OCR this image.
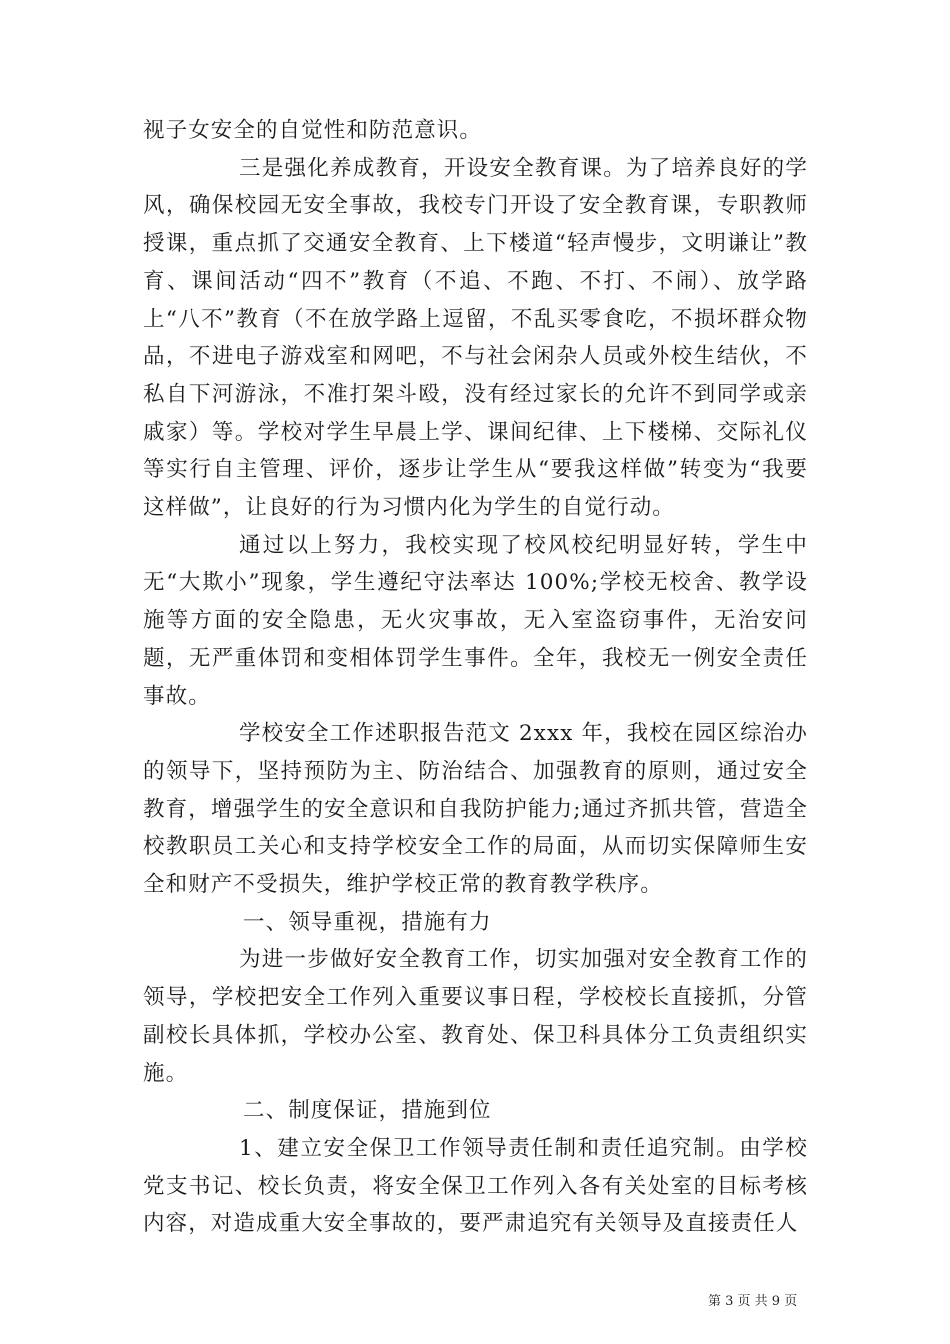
视子女安全的自觉性和防范意识。

三是强化养成教育，开设安全教育课。为了培养良好的学风，确保校园无安全事故，我校专门开设了安全教育课，专职教师授课，重点抓了交通安全教育、上下楼道“轻声慢步，文明谦让”教育、课间活动“四不”教育（不追、不跑、不打、不闹）、放学路上“八不”教育（不在放学路上逗留，不乱买零食吃，不损坏群众物品，不进电子游戏室和网吧，不与社会闲杂人员或外校生结伙，不私自下河游泳，不准打架斗殴，没有经过家长的允许不到同学或亲戚家）等。学校对学生早晨上学、课间纪律、上下楼梯、交际礼仪等实行自主管理、评价，逐步让学生从“要我这样做”转变为“我要这样做”，让良好的行为习惯内化为学生的自觉行动。

通过以上努力，我校实现了校风校纪明显好转，学生中无“大欺小”现象，学生遵纪守法率达 100%;学校无校舍、教学设施等方面的安全隐患，无火灾事故，无入室盗窃事件，无治安问题，无严重体罚和变相体罚学生事件。全年，我校无一例安全责任事故。

学校安全工作述职报告范文 2xxx 年，我校在园区综治办的领导下，坚持预防为主、防治结合、加强教育的原则，通过安全教育，增强学生的安全意识和自我防护能力;通过齐抓共管，营造全校教职员工关心和支持学校安全工作的局面，从而切实保障师生安全和财产不受损失，维护学校正常的教育教学秩序。

一、领导重视，措施有力

为进一步做好安全教育工作，切实加强对安全教育工作的领导，学校把安全工作列入重要议事日程，学校校长直接抓，分管副校长具体抓，学校办公室、教育处、保卫科具体分工负责组织实施。

二、制度保证，措施到位

1、建立安全保卫工作领导责任制和责任追究制。由学校党支书记、校长负责，将安全保卫工作列入各有关处室的目标考核内容，对造成重大安全事故的，要严肃追究有关领导及直接责任人

第 3 页 共 9 页
